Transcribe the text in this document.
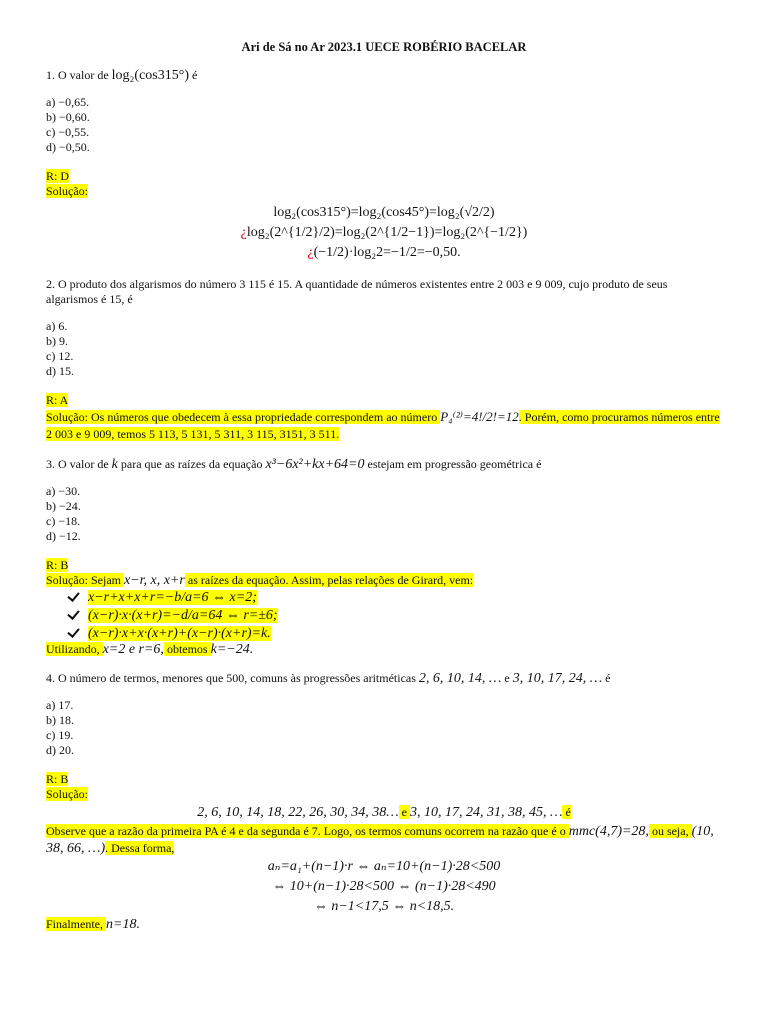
Ari de Sá no Ar 2023.1 UECE ROBÉRIO BACELAR

1. O valor de log₂(cos315°) é

a) −0,65.
b) −0,60.
c) −0,55.
d) −0,50.
R: D
Solução:
log₂(cos315°)=log₂(cos45°)=log₂(√2/2)
¿log₂(2^{1/2}/2)=log₂(2^{1/2−1})=log₂(2^{−1/2})
¿(−1/2)·log₂2=−1/2=−0,50.

2. O produto dos algarismos do número 3 115 é 15. A quantidade de números existentes entre 2 003 e 9 009, cujo produto de seus algarismos é 15, é

a) 6.
b) 9.
c) 12.
d) 15.
R: A
Solução: Os números que obedecem à essa propriedade correspondem ao número P₄⁽²⁾=4!/2!=12. Porém, como procuramos números entre 2 003 e 9 009, temos 5 113, 5 131, 5 311, 3 115, 3151, 3 511.

3. O valor de k para que as raízes da equação x³−6x²+kx+64=0 estejam em progressão geométrica é

a) −30.
b) −24.
c) −18.
d) −12.
R: B
Solução: Sejam x−r, x, x+r as raízes da equação. Assim, pelas relações de Girard, vem:
x−r+x+x+r=−b/a=6 ⇔ x=2;
(x−r)·x·(x+r)=−d/a=64 ⇔ r=±6;
(x−r)·x+x·(x+r)+(x−r)·(x+r)=k.
Utilizando, x=2 e r=6, obtemos k=−24.

4. O número de termos, menores que 500, comuns às progressões aritméticas 2, 6, 10, 14, … e 3, 10, 17, 24, … é

a) 17.
b) 18.
c) 19.
d) 20.
R: B
Solução:
2, 6, 10, 14, 18, 22, 26, 30, 34, 38… e 3, 10, 17, 24, 31, 38, 45, … é
Observe que a razão da primeira PA é 4 e da segunda é 7. Logo, os termos comuns ocorrem na razão que é o mmc(4,7)=28, ou seja, (10, 38, 66, …). Dessa forma,
aₙ=a₁+(n−1)·r ⇔ aₙ=10+(n−1)·28<500
⇔ 10+(n−1)·28<500 ⇔ (n−1)·28<490
⇔ n−1<17,5 ⇔ n<18,5.
Finalmente, n=18.
